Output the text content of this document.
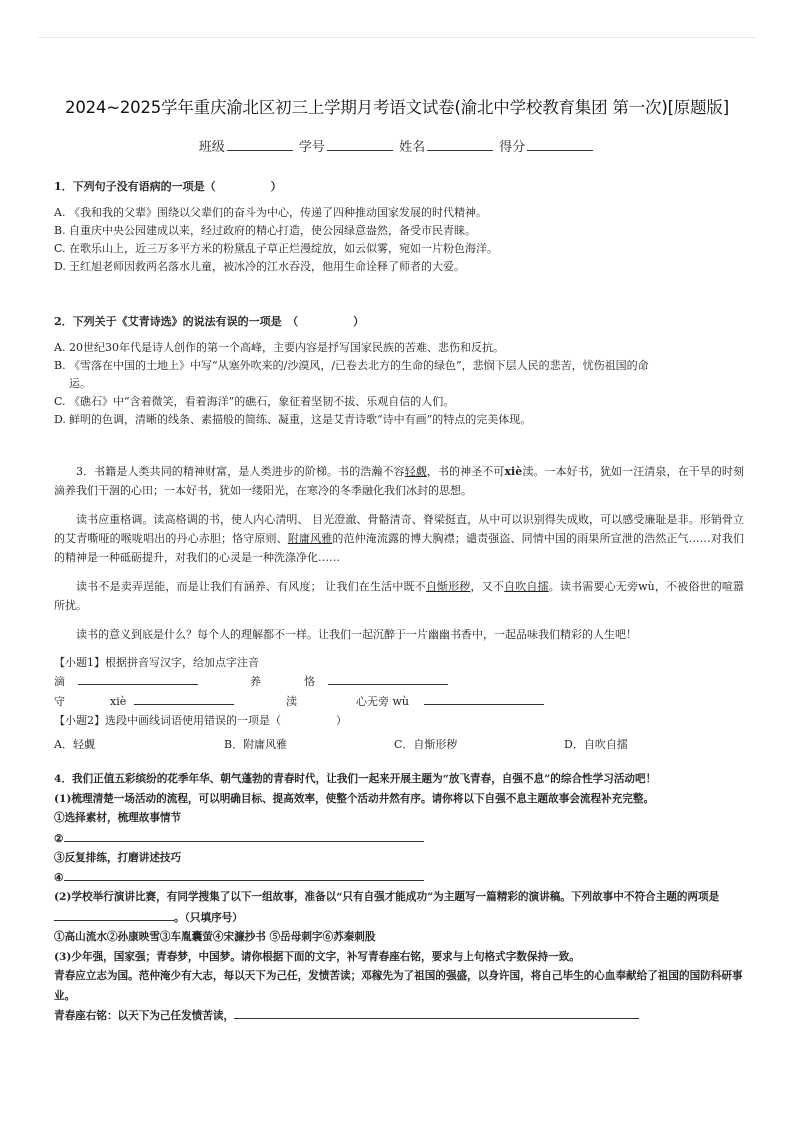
2024~2025学年重庆渝北区初三上学期月考语文试卷(渝北中学校教育集团 第一次)[原题版]
班级	学号	姓名	得分
1．下列句子没有语病的一项是（　　　　　）
A. 《我和我的父辈》围绕以父辈们的奋斗为中心，传递了四种推动国家发展的时代精神。
B. 自重庆中央公园建成以来，经过政府的精心打造，使公园绿意盎然，备受市民青睐。
C. 在歌乐山上，近三万多平方米的粉黛乱子草正烂漫绽放，如云似雾，宛如一片粉色海洋。
D. 王红旭老师因救两名落水儿童，被冰冷的江水吞没，他用生命诠释了师者的大爱。
2．下列关于《艾青诗选》的说法有误的一项是　（　　　　　）
A. 20世纪30年代是诗人创作的第一个高峰，主要内容是抒写国家民族的苦难、悲伤和反抗。
B. 《雪落在中国的土地上》中写“从塞外吹来的/沙漠风，/已卷去北方的生命的绿色”，悲悯下层人民的悲苦，忧伤祖国的命
运。
C. 《礁石》中“含着微笑，看着海洋”的礁石，象征着坚韧不拔、乐观自信的人们。
D. 鲜明的色调，清晰的线条、素描般的简练、凝重，这是艾青诗歌“诗中有画”的特点的完美体现。

3．书籍是人类共同的精神财富，是人类进步的阶梯。书的浩瀚不容轻觑，书的神圣不可xiè渎。一本好书，犹如一汪清泉，在干旱的时刻滴养我们干涸的心田；一本好书，犹如一缕阳光，在寒冷的冬季融化我们冰封的思想。

读书应重格调。读高格调的书，使人内心清明、 目光澄澈、骨骼清奇、脊梁挺直，从中可以识别得失成败，可以感受廉耻是非。形销骨立的艾青嘶哑的喉咙唱出的丹心赤胆；恪守原则、附庸风雅的范仲淹流露的博大胸襟；谴责强盗、同情中国的雨果所宣泄的浩然正气……对我们的精神是一种砥砺提升，对我们的心灵是一种洗涤净化……

读书不是卖弄逞能，而是让我们有涵养、有风度； 让我们在生活中既不自惭形秽，又不自吹自擂。读书需要心无旁wù，不被俗世的喧嚣所扰。

读书的意义到底是什么？每个人的理解都不一样。让我们一起沉醉于一片幽幽书香中，一起品味我们精彩的人生吧！

【小题1】根据拼音写汉字，给加点字注音
滴	养	恪
守	xiè	渎	心无旁 wù
【小题2】选段中画线词语使用错误的一项是（　　　　　）
A．轻觑	B．附庸风雅	C．自惭形秽	D．自吹自擂
4．我们正值五彩缤纷的花季年华、朝气蓬勃的青春时代，让我们一起来开展主题为“放飞青春，自强不息”的综合性学习活动吧！
(1)梳理清楚一场活动的流程，可以明确目标、提高效率，使整个活动井然有序。请你将以下自强不息主题故事会流程补充完整。
①选择素材，梳理故事情节
②
③反复排练，打磨讲述技巧
④
(2)学校举行演讲比赛，有同学搜集了以下一组故事，准备以“只有自强才能成功”为主题写一篇精彩的演讲稿。下列故事中不符合主题的两项是。（只填序号）
①高山流水②孙康映雪③车胤囊萤④宋濂抄书 ⑤岳母刺字⑥苏秦刺股
(3)少年强，国家强；青春梦，中国梦。请你根据下面的文字，补写青春座右铭，要求与上句格式字数保持一致。
青春应立志为国。范仲淹少有大志，每以天下为己任，发愤苦读；邓稼先为了祖国的强盛，以身许国，将自己毕生的心血奉献给了祖国的国防科研事业。
青春座右铭：以天下为己任发愤苦读，
